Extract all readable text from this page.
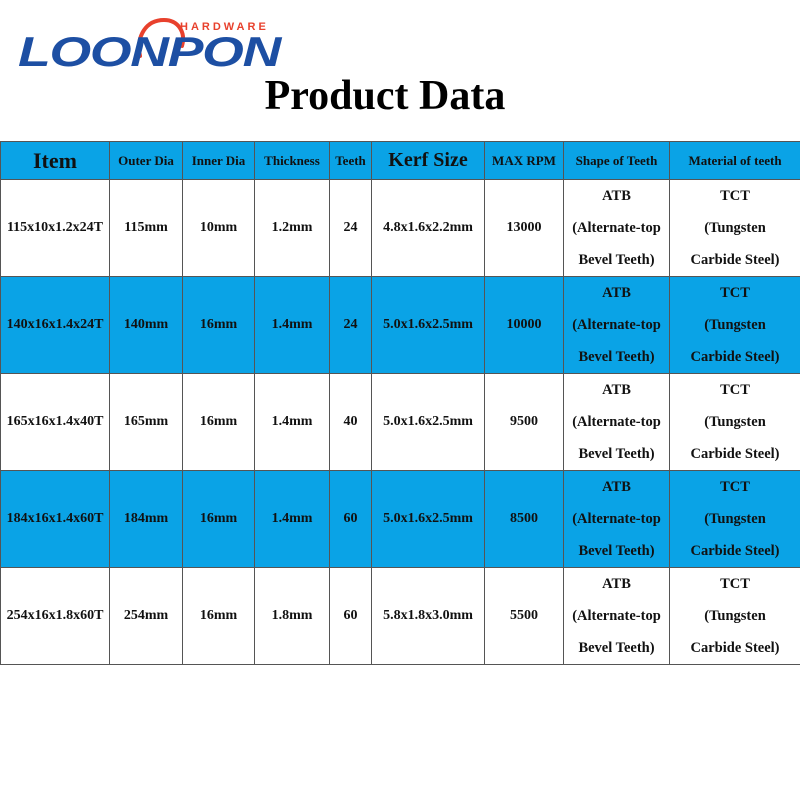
HARDWARE
LOONPON
Product Data
Item	Outer Dia	Inner Dia	Thickness	Teeth	Kerf Size	MAX RPM	Shape of Teeth	Material of teeth
115x10x1.2x24T	115mm	10mm	1.2mm	24	4.8x1.6x2.2mm	13000	ATB
(Alternate-top
Bevel Teeth)	TCT
(Tungsten
Carbide Steel)

140x16x1.4x24T	140mm	16mm	1.4mm	24	5.0x1.6x2.5mm	10000	ATB
(Alternate-top
Bevel Teeth)	TCT
(Tungsten
Carbide Steel)

165x16x1.4x40T	165mm	16mm	1.4mm	40	5.0x1.6x2.5mm	9500	ATB
(Alternate-top
Bevel Teeth)	TCT
(Tungsten
Carbide Steel)

184x16x1.4x60T	184mm	16mm	1.4mm	60	5.0x1.6x2.5mm	8500	ATB
(Alternate-top
Bevel Teeth)	TCT
(Tungsten
Carbide Steel)

254x16x1.8x60T	254mm	16mm	1.8mm	60	5.8x1.8x3.0mm	5500	ATB
(Alternate-top
Bevel Teeth)	TCT
(Tungsten
Carbide Steel)
